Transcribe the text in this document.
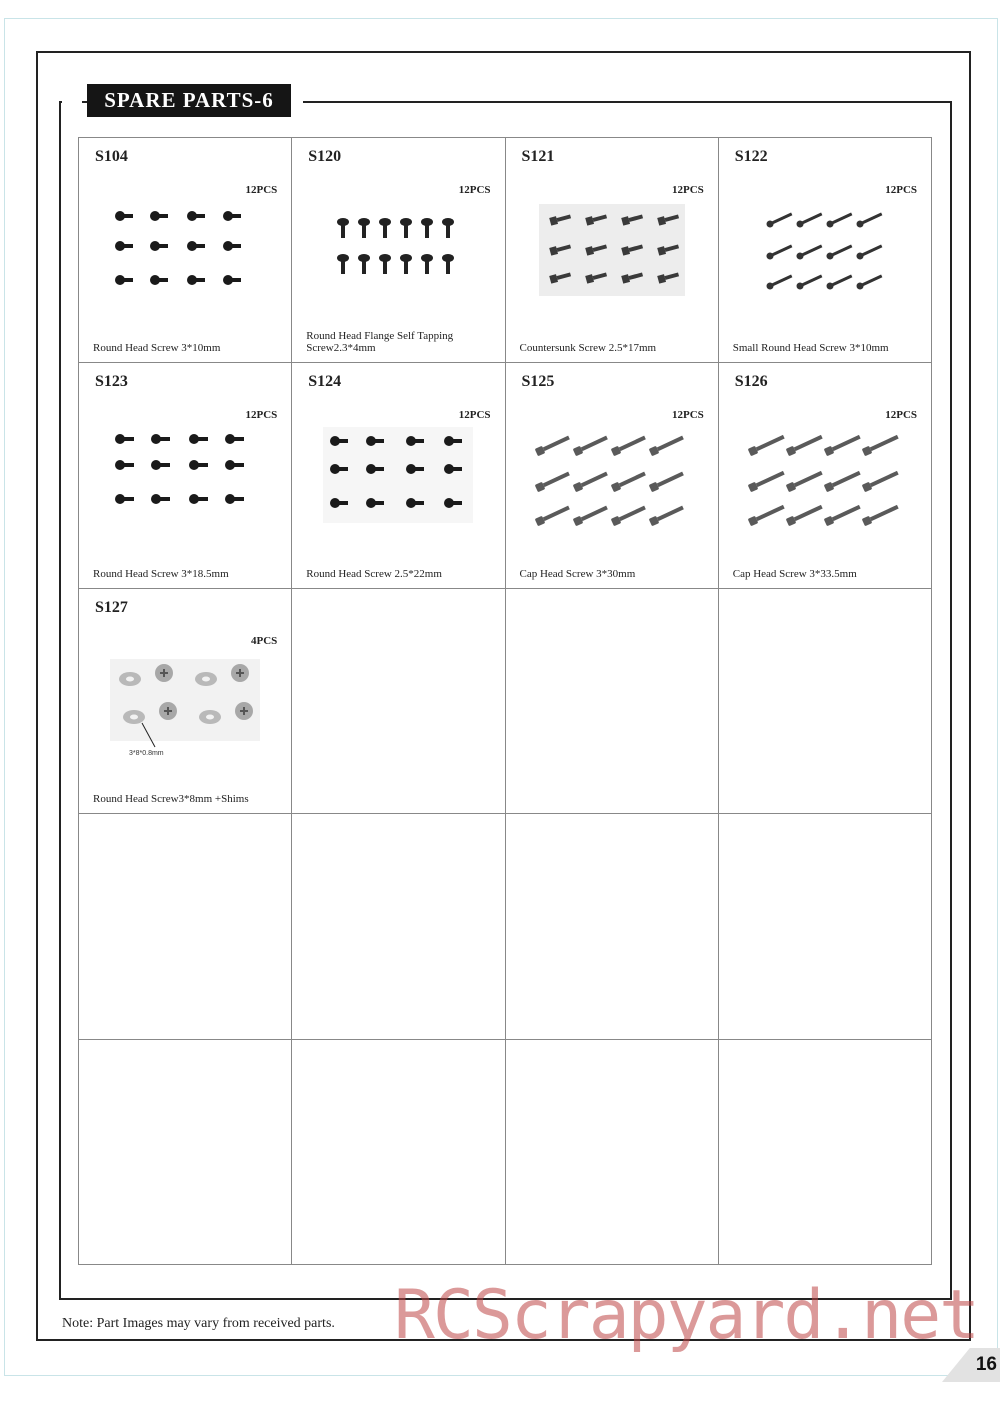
SPARE PARTS-6
S104
12PCS
Round Head Screw 3*10mm
S120
12PCS
Round Head Flange Self Tapping Screw2.3*4mm
S121
12PCS
Countersunk Screw 2.5*17mm
S122
12PCS
Small Round Head Screw 3*10mm
S123
12PCS
Round Head Screw 3*18.5mm
S124
12PCS
Round Head Screw 2.5*22mm
S125
12PCS
Cap Head Screw 3*30mm
S126
12PCS
Cap Head Screw 3*33.5mm
S127
4PCS
3*8*0.8mm
Round Head Screw3*8mm +Shims
Note: Part Images may vary from received parts. RCScrapyard.net
16
